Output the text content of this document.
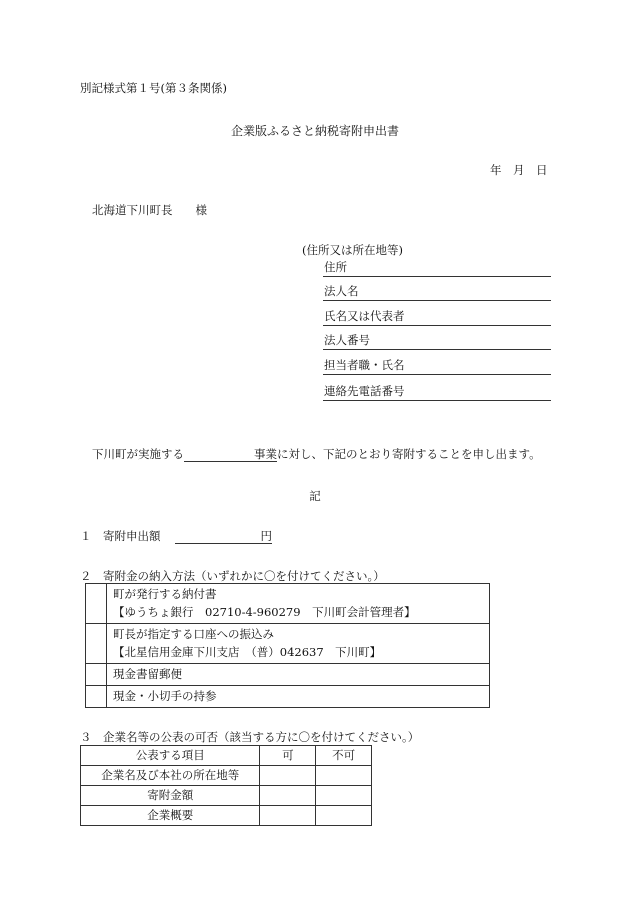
別記様式第１号(第３条関係)
企業版ふるさと納税寄附申出書
年　月　日
北海道下川町長　　様
(住所又は所在地等)
住所
法人名
氏名又は代表者
法人番号
担当者職・氏名
連絡先電話番号
下川町が実施する	事業に対し、下記のとおり寄附することを申し出ます。
記
１　寄附申出額	円
２　寄附金の納入方法（いずれかに〇を付けてください。）

	町が発行する納付書
【ゆうちょ銀行　02710-4-960279　下川町会計管理者】

	町長が指定する口座への振込み
【北星信用金庫下川支店　（普）042637　下川町】

	現金書留郵便

	現金・小切手の持参
３　企業名等の公表の可否（該当する方に〇を付けてください。）
公表する項目	可	不可
企業名及び本社の所在地等		
寄附金額		
企業概要		
